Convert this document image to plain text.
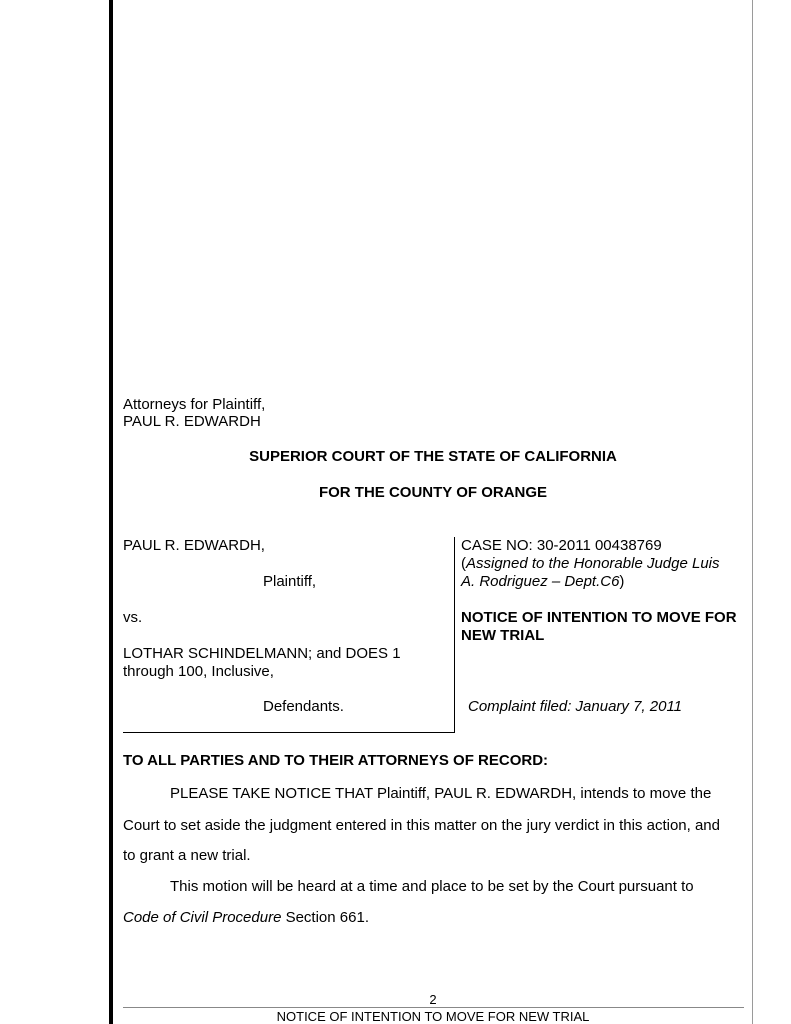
Attorneys for Plaintiff,
PAUL R. EDWARDH
SUPERIOR COURT OF THE STATE OF CALIFORNIA
FOR THE COUNTY OF ORANGE
PAUL R. EDWARDH,
Plaintiff,
vs.
LOTHAR SCHINDELMANN; and DOES 1
through 100, Inclusive,
Defendants.
CASE NO: 30-2011 00438769
(Assigned to the Honorable Judge Luis
A. Rodriguez – Dept.C6)
NOTICE OF INTENTION TO MOVE FOR
NEW TRIAL
Complaint filed: January 7, 2011
TO ALL PARTIES AND TO THEIR ATTORNEYS OF RECORD:
PLEASE TAKE NOTICE THAT Plaintiff, PAUL R. EDWARDH, intends to move the
Court to set aside the judgment entered in this matter on the jury verdict in this action, and
to grant a new trial.
This motion will be heard at a time and place to be set by the Court pursuant to
Code of Civil Procedure Section 661.
2
NOTICE OF INTENTION TO MOVE FOR NEW TRIAL
